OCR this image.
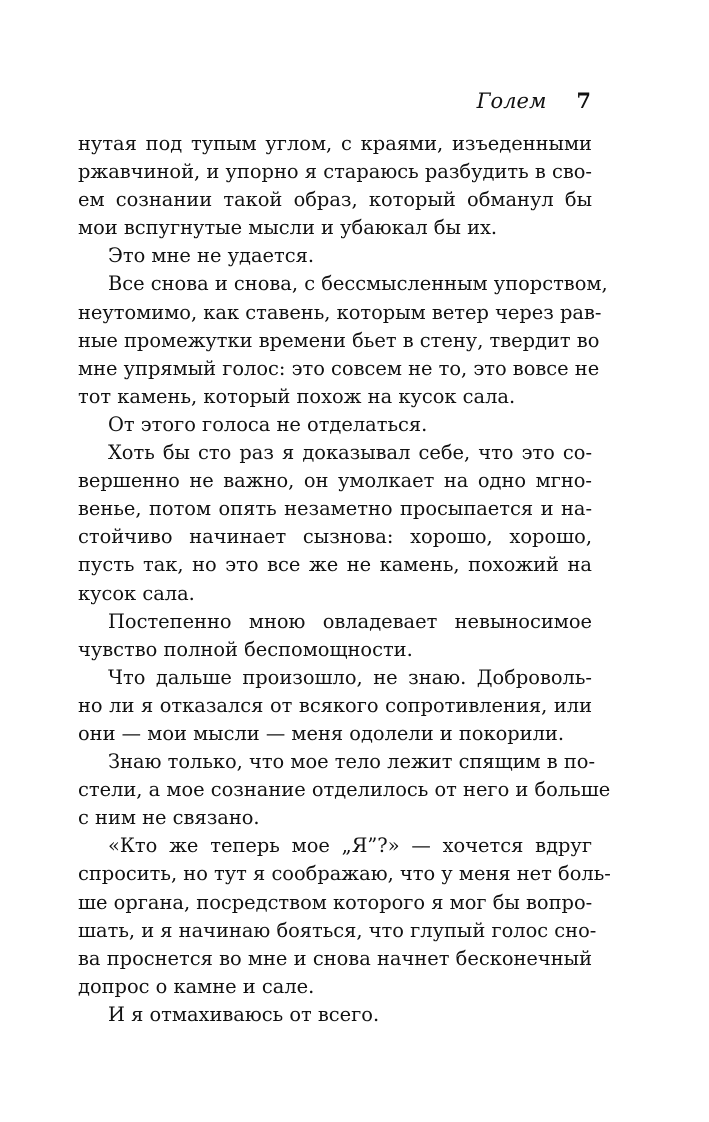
Голем 7
нутая под тупым углом, с краями, изъеденными
ржавчиной, и упорно я стараюсь разбудить в сво-
ем сознании такой образ, который обманул бы
мои вспугнутые мысли и убаюкал бы их.
Это мне не удается.
Все снова и снова, с бессмысленным упорством,
неутомимо, как ставень, которым ветер через рав-
ные промежутки времени бьет в стену, твердит во
мне упрямый голос: это совсем не то, это вовсе не
тот камень, который похож на кусок сала.
От этого голоса не отделаться.
Хоть бы сто раз я доказывал себе, что это со-
вершенно не важно, он умолкает на одно мгно-
венье, потом опять незаметно просыпается и на-
стойчиво начинает сызнова: хорошо, хорошо,
пусть так, но это все же не камень, похожий на
кусок сала.
Постепенно мною овладевает невыносимое
чувство полной беспомощности.
Что дальше произошло, не знаю. Доброволь-
но ли я отказался от всякого сопротивления, или
они — мои мысли — меня одолели и покорили.
Знаю только, что мое тело лежит спящим в по-
стели, а мое сознание отделилось от него и больше
с ним не связано.
«Кто же теперь мое „Я”?» — хочется вдруг
спросить, но тут я соображаю, что у меня нет боль-
ше органа, посредством которого я мог бы вопро-
шать, и я начинаю бояться, что глупый голос сно-
ва проснется во мне и снова начнет бесконечный
допрос о камне и сале.
И я отмахиваюсь от всего.
